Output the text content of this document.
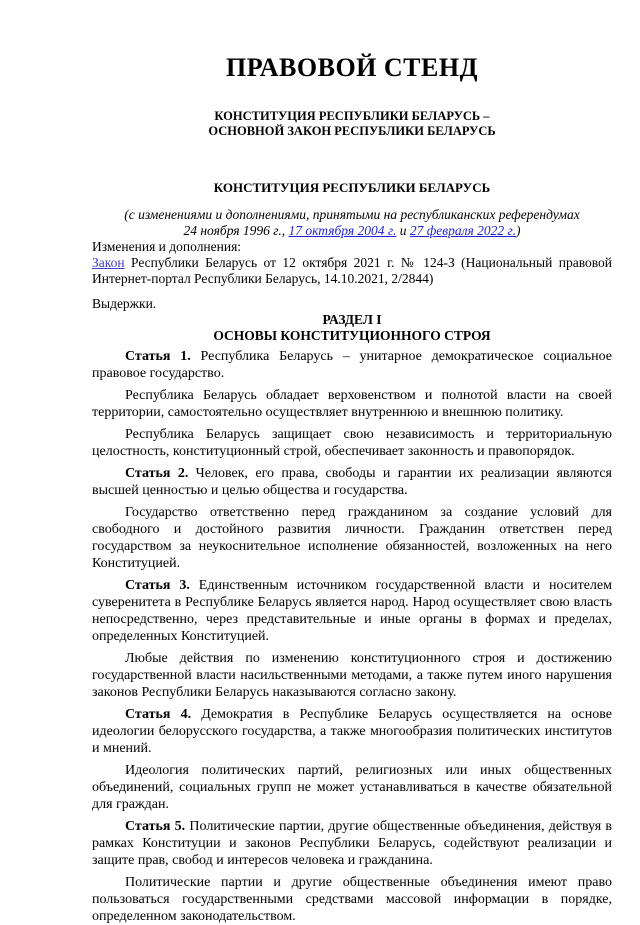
ПРАВОВОЙ СТЕНД
КОНСТИТУЦИЯ РЕСПУБЛИКИ БЕЛАРУСЬ –
ОСНОВНОЙ ЗАКОН РЕСПУБЛИКИ БЕЛАРУСЬ
КОНСТИТУЦИЯ РЕСПУБЛИКИ БЕЛАРУСЬ
(с изменениями и дополнениями, принятыми на республиканских референдумах
24 ноября 1996 г., 17 октября 2004 г. и 27 февраля 2022 г.)

Изменения и дополнения:

Закон Республики Беларусь от 12 октября 2021 г. № 124-З (Национальный правовой Интернет-портал Республики Беларусь, 14.10.2021, 2/2844)

Выдержки.

РАЗДЕЛ I
ОСНОВЫ КОНСТИТУЦИОННОГО СТРОЯ

Статья 1. Республика Беларусь – унитарное демократическое социальное правовое государство.

Республика Беларусь обладает верховенством и полнотой власти на своей территории, самостоятельно осуществляет внутреннюю и внешнюю политику.

Республика Беларусь защищает свою независимость и территориальную целостность, конституционный строй, обеспечивает законность и правопорядок.

Статья 2. Человек, его права, свободы и гарантии их реализации являются высшей ценностью и целью общества и государства.

Государство ответственно перед гражданином за создание условий для свободного и достойного развития личности. Гражданин ответствен перед государством за неукоснительное исполнение обязанностей, возложенных на него Конституцией.

Статья 3. Единственным источником государственной власти и носителем суверенитета в Республике Беларусь является народ. Народ осуществляет свою власть непосредственно, через представительные и иные органы в формах и пределах, определенных Конституцией.

Любые действия по изменению конституционного строя и достижению государственной власти насильственными методами, а также путем иного нарушения законов Республики Беларусь наказываются согласно закону.

Статья 4. Демократия в Республике Беларусь осуществляется на основе идеологии белорусского государства, а также многообразия политических институтов и мнений.

Идеология политических партий, религиозных или иных общественных объединений, социальных групп не может устанавливаться в качестве обязательной для граждан.

Статья 5. Политические партии, другие общественные объединения, действуя в рамках Конституции и законов Республики Беларусь, содействуют реализации и защите прав, свобод и интересов человека и гражданина.

Политические партии и другие общественные объединения имеют право пользоваться государственными средствами массовой информации в порядке, определенном законодательством.
